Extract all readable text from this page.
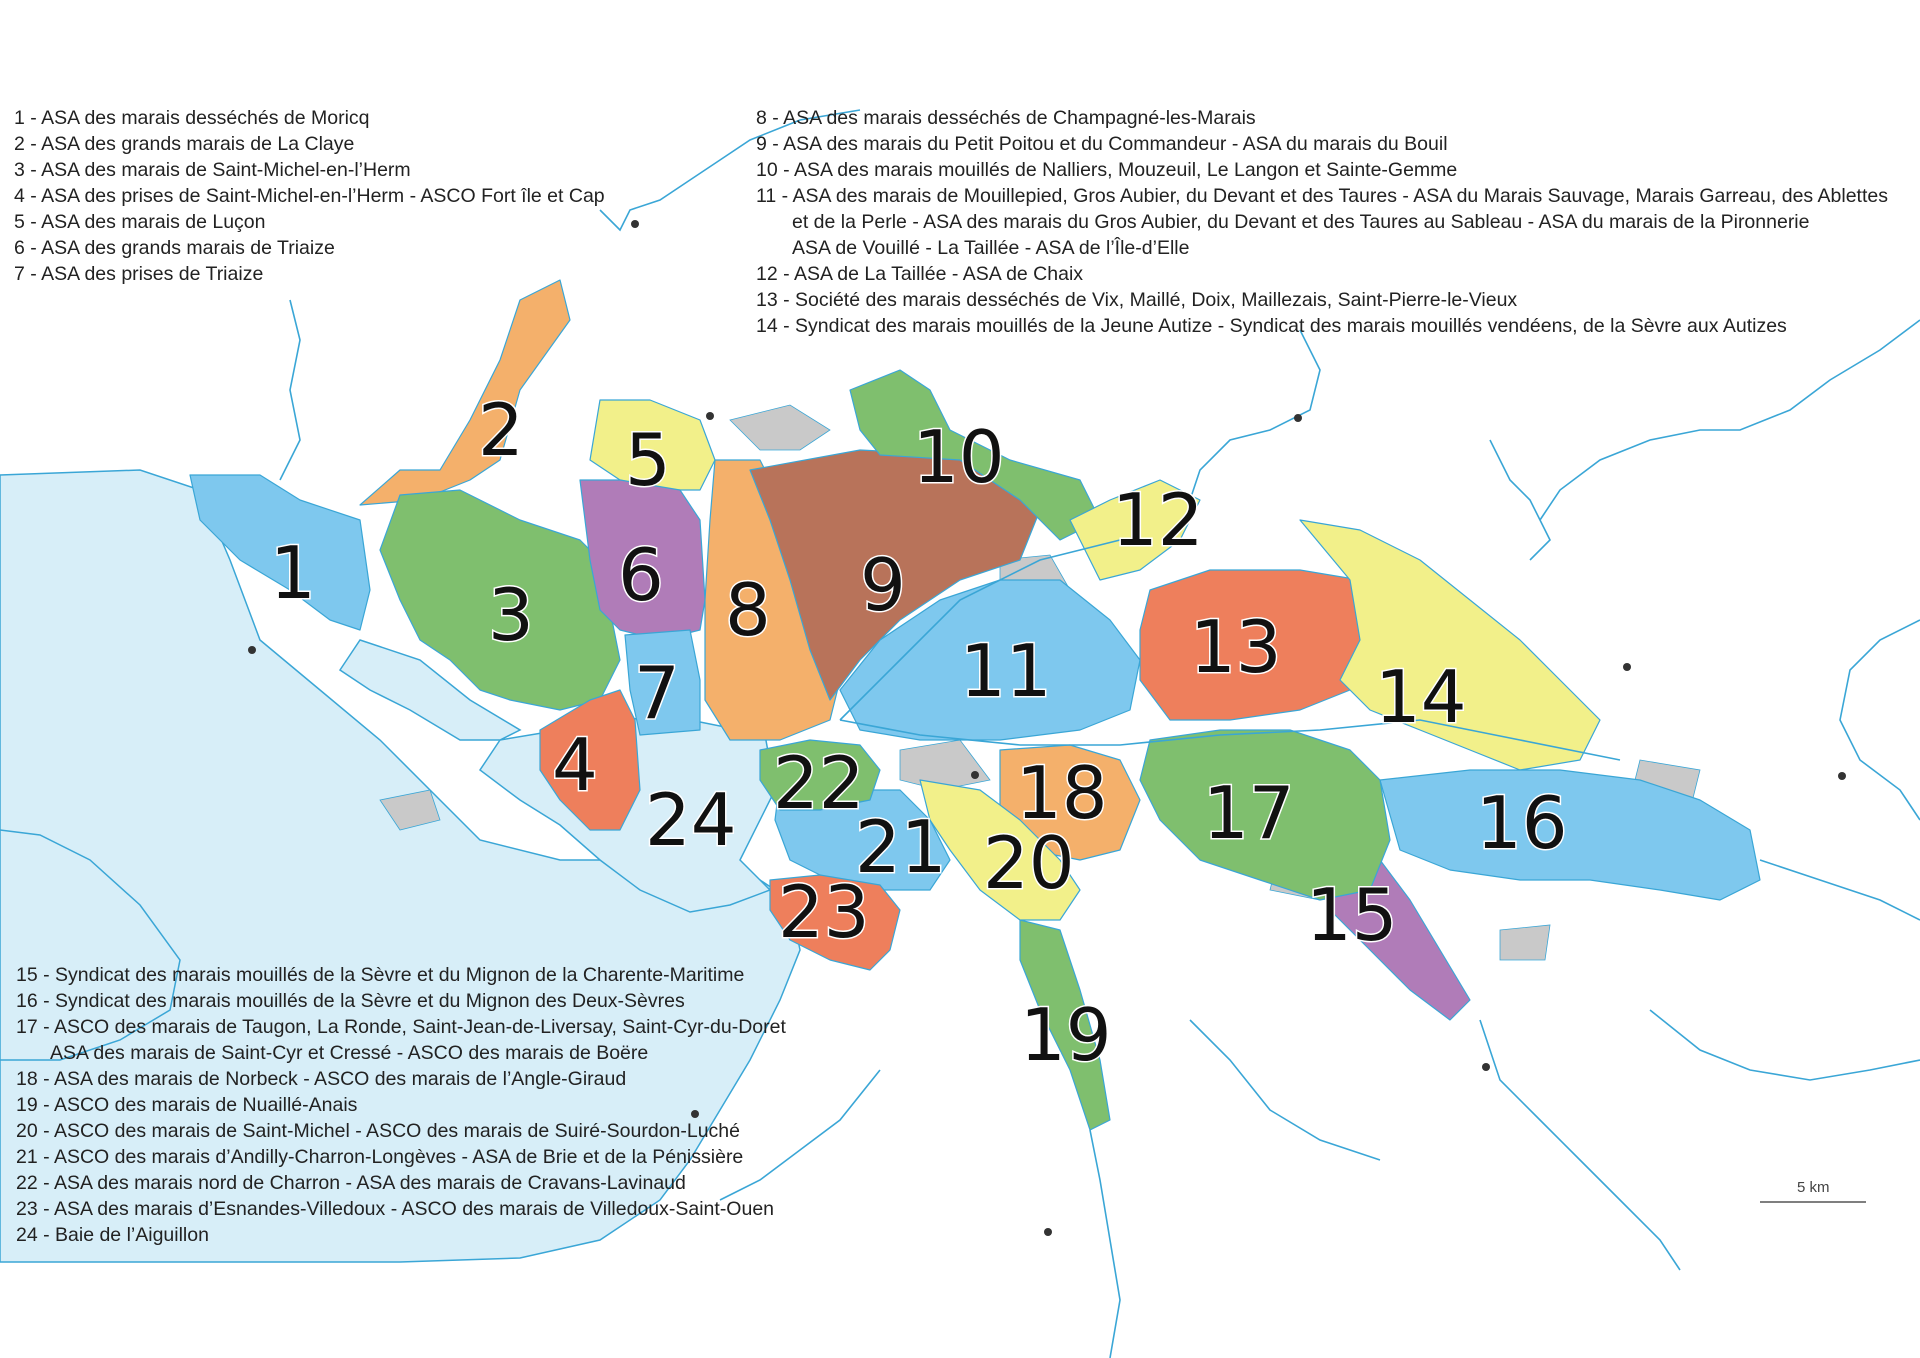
1
2
3
4
5
6
7
8 9
10
11
12
13
14
15
16
17
18
19
20
21
22
23
24
5 km
1 - ASA des marais desséchés de Moricq
2 - ASA des grands marais de La Claye
3 - ASA des marais de Saint-Michel-en-l’Herm
4 - ASA des prises de Saint-Michel-en-l’Herm - ASCO Fort île et Cap
5 - ASA des marais de Luçon
6 - ASA des grands marais de Triaize
7 - ASA des prises de Triaize
8 - ASA des marais desséchés de Champagné-les-Marais
9 - ASA des marais du Petit Poitou et du Commandeur - ASA du marais du Bouil
10 - ASA des marais mouillés de Nalliers, Mouzeuil, Le Langon et Sainte-Gemme
11 - ASA des marais de Mouillepied, Gros Aubier, du Devant et des Taures - ASA du Marais Sauvage, Marais Garreau, des Ablettes
et de la Perle - ASA des marais du Gros Aubier, du Devant et des Taures au Sableau - ASA du marais de la Pironnerie
ASA de Vouillé - La Taillée - ASA de l’Île-d’Elle
12 - ASA de La Taillée - ASA de Chaix
13 - Société des marais desséchés de Vix, Maillé, Doix, Maillezais, Saint-Pierre-le-Vieux
14 - Syndicat des marais mouillés de la Jeune Autize - Syndicat des marais mouillés vendéens, de la Sèvre aux Autizes
15 - Syndicat des marais mouillés de la Sèvre et du Mignon de la Charente-Maritime
16 - Syndicat des marais mouillés de la Sèvre et du Mignon des Deux-Sèvres
17 - ASCO des marais de Taugon, La Ronde, Saint-Jean-de-Liversay, Saint-Cyr-du-Doret
ASA des marais de Saint-Cyr et Cressé - ASCO des marais de Boëre
18 - ASA des marais de Norbeck - ASCO des marais de l’Angle-Giraud
19 - ASCO des marais de Nuaillé-Anais
20 - ASCO des marais de Saint-Michel - ASCO des marais de Suiré-Sourdon-Luché
21 - ASCO des marais d’Andilly-Charron-Longèves - ASA de Brie et de la Pénissière
22 - ASA des marais nord de Charron - ASA des marais de Cravans-Lavinaud
23 - ASA des marais d’Esnandes-Villedoux - ASCO des marais de Villedoux-Saint-Ouen
24 - Baie de l’Aiguillon
